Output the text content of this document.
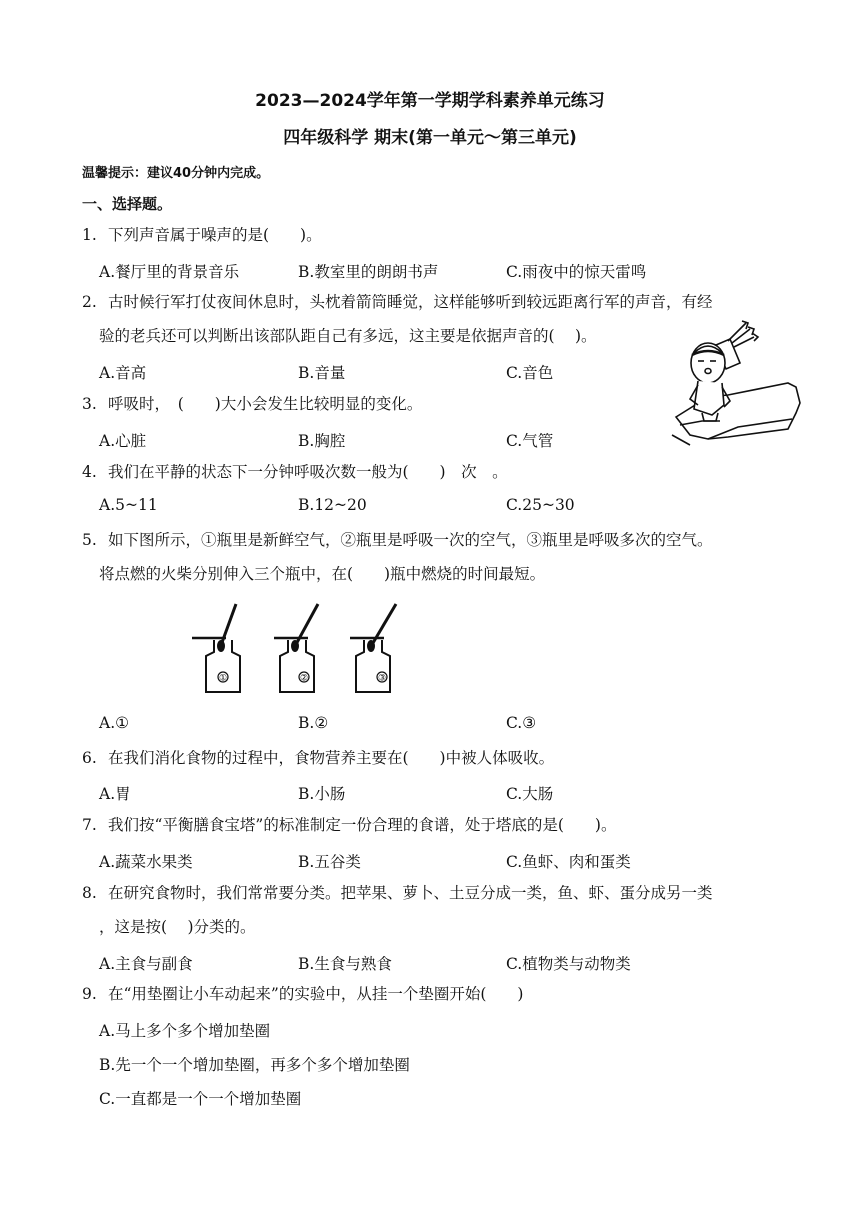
2023—2024学年第一学期学科素养单元练习
四年级科学 期末(第一单元～第三单元)
温馨提示：建议40分钟内完成。
一、选择题。
1. 下列声音属于噪声的是(　　)。
A.餐厅里的背景音乐	B.教室里的朗朗书声	C.雨夜中的惊天雷鸣
2. 古时候行军打仗夜间休息时，头枕着箭筒睡觉，这样能够听到较远距离行军的声音，有经
验的老兵还可以判断出该部队距自己有多远，这主要是依据声音的(　 )。
A.音高	B.音量	C.音色
3. 呼吸时，　(　　)大小会发生比较明显的变化。
A.心脏	B.胸腔	C.气管
4. 我们在平静的状态下一分钟呼吸次数一般为(　　)　次　。
A.5~11	B.12~20	C.25~30
5. 如下图所示，①瓶里是新鲜空气，②瓶里是呼吸一次的空气，③瓶里是呼吸多次的空气。
将点燃的火柴分别伸入三个瓶中，在(　　)瓶中燃烧的时间最短。
①	②	③
A.①	B.②	C.③
6. 在我们消化食物的过程中，食物营养主要在(　　)中被人体吸收。
A.胃	B.小肠	C.大肠
7. 我们按“平衡膳食宝塔”的标准制定一份合理的食谱，处于塔底的是(　　)。
A.蔬菜水果类	B.五谷类	C.鱼虾、肉和蛋类
8. 在研究食物时，我们常常要分类。把苹果、萝卜、土豆分成一类，鱼、虾、蛋分成另一类
，这是按(　 )分类的。
A.主食与副食	B.生食与熟食	C.植物类与动物类
9. 在“用垫圈让小车动起来”的实验中，从挂一个垫圈开始(　　)
A.马上多个多个增加垫圈
B.先一个一个增加垫圈，再多个多个增加垫圈
C.一直都是一个一个增加垫圈
